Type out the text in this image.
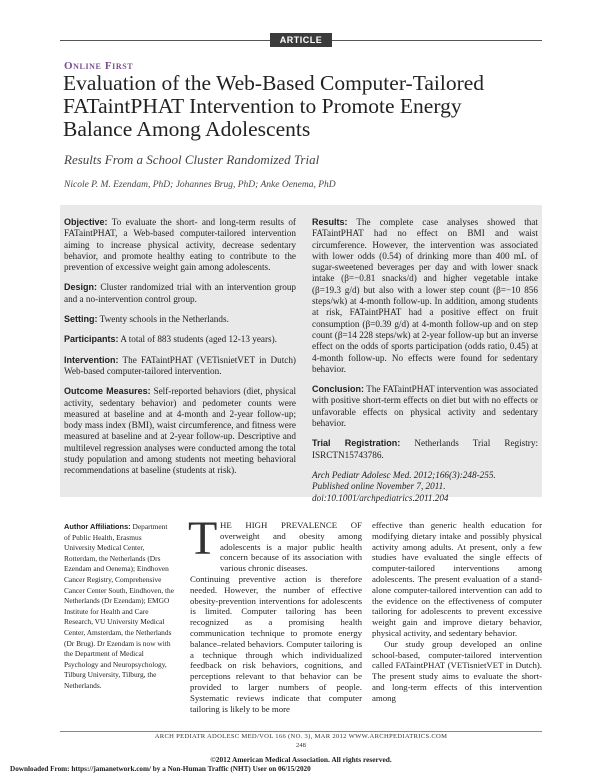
ARTICLE
Online First
Evaluation of the Web-Based Computer-Tailored FATaintPHAT Intervention to Promote Energy Balance Among Adolescents
Results From a School Cluster Randomized Trial
Nicole P. M. Ezendam, PhD; Johannes Brug, PhD; Anke Oenema, PhD

Objective: To evaluate the short- and long-term results of FATaintPHAT, a Web-based computer-tailored intervention aiming to increase physical activity, decrease sedentary behavior, and promote healthy eating to contribute to the prevention of excessive weight gain among adolescents.

Design: Cluster randomized trial with an intervention group and a no-intervention control group.

Setting: Twenty schools in the Netherlands.

Participants: A total of 883 students (aged 12-13 years).

Intervention: The FATaintPHAT (VETisnietVET in Dutch) Web-based computer-tailored intervention.

Outcome Measures: Self-reported behaviors (diet, physical activity, sedentary behavior) and pedometer counts were measured at baseline and at 4-month and 2-year follow-up; body mass index (BMI), waist circumference, and fitness were measured at baseline and at 2-year follow-up. Descriptive and multilevel regression analyses were conducted among the total study population and among students not meeting behavioral recommendations at baseline (students at risk).

Results: The complete case analyses showed that FATaintPHAT had no effect on BMI and waist circumference. However, the intervention was associated with lower odds (0.54) of drinking more than 400 mL of sugar-sweetened beverages per day and with lower snack intake (β=−0.81 snacks/d) and higher vegetable intake (β=19.3 g/d) but also with a lower step count (β=−10 856 steps/wk) at 4-month follow-up. In addition, among students at risk, FATaintPHAT had a positive effect on fruit consumption (β=0.39 g/d) at 4-month follow-up and on step count (β=14 228 steps/wk) at 2-year follow-up but an inverse effect on the odds of sports participation (odds ratio, 0.45) at 4-month follow-up. No effects were found for sedentary behavior.

Conclusion: The FATaintPHAT intervention was associated with positive short-term effects on diet but with no effects or unfavorable effects on physical activity and sedentary behavior.

Trial Registration: Netherlands Trial Registry: ISRCTN15743786.

Arch Pediatr Adolesc Med. 2012;166(3):248-255.
Published online November 7, 2011.
doi:10.1001/archpediatrics.2011.204

Author Affiliations: Department of Public Health, Erasmus University Medical Center, Rotterdam, the Netherlands (Drs Ezendam and Oenema); Eindhoven Cancer Registry, Comprehensive Cancer Center South, Eindhoven, the Netherlands (Dr Ezendam); EMGO Institute for Health and Care Research, VU University Medical Center, Amsterdam, the Netherlands (Dr Brug). Dr Ezendam is now with the Department of Medical Psychology and Neuropsychology, Tilburg University, Tilburg, the Netherlands.
T HE HIGH PREVALENCE OF overweight and obesity among adolescents is a major public health concern because of its association with various chronic diseases.
Continuing preventive action is therefore needed. However, the number of effective obesity-prevention interventions for adolescents is limited. Computer tailoring has been recognized as a promising health communication technique to promote energy balance–related behaviors. Computer tailoring is a technique through which individualized feedback on risk behaviors, cognitions, and perceptions relevant to that behavior can be provided to larger numbers of people. Systematic reviews indicate that computer tailoring is likely to be more
effective than generic health education for modifying dietary intake and possibly physical activity among adults. At present, only a few studies have evaluated the single effects of computer-tailored interventions among adolescents. The present evaluation of a stand-alone computer-tailored intervention can add to the evidence on the effectiveness of computer tailoring for adolescents to prevent excessive weight gain and improve dietary behavior, physical activity, and sedentary behavior.
Our study group developed an online school-based, computer-tailored intervention called FATaintPHAT (VETisnietVET in Dutch). The present study aims to evaluate the short- and long-term effects of this intervention among
ARCH PEDIATR ADOLESC MED/VOL 166 (NO. 3), MAR 2012 WWW.ARCHPEDIATRICS.COM
248
©2012 American Medical Association. All rights reserved.
Downloaded From: https://jamanetwork.com/ by a Non-Human Traffic (NHT) User on 06/15/2020
